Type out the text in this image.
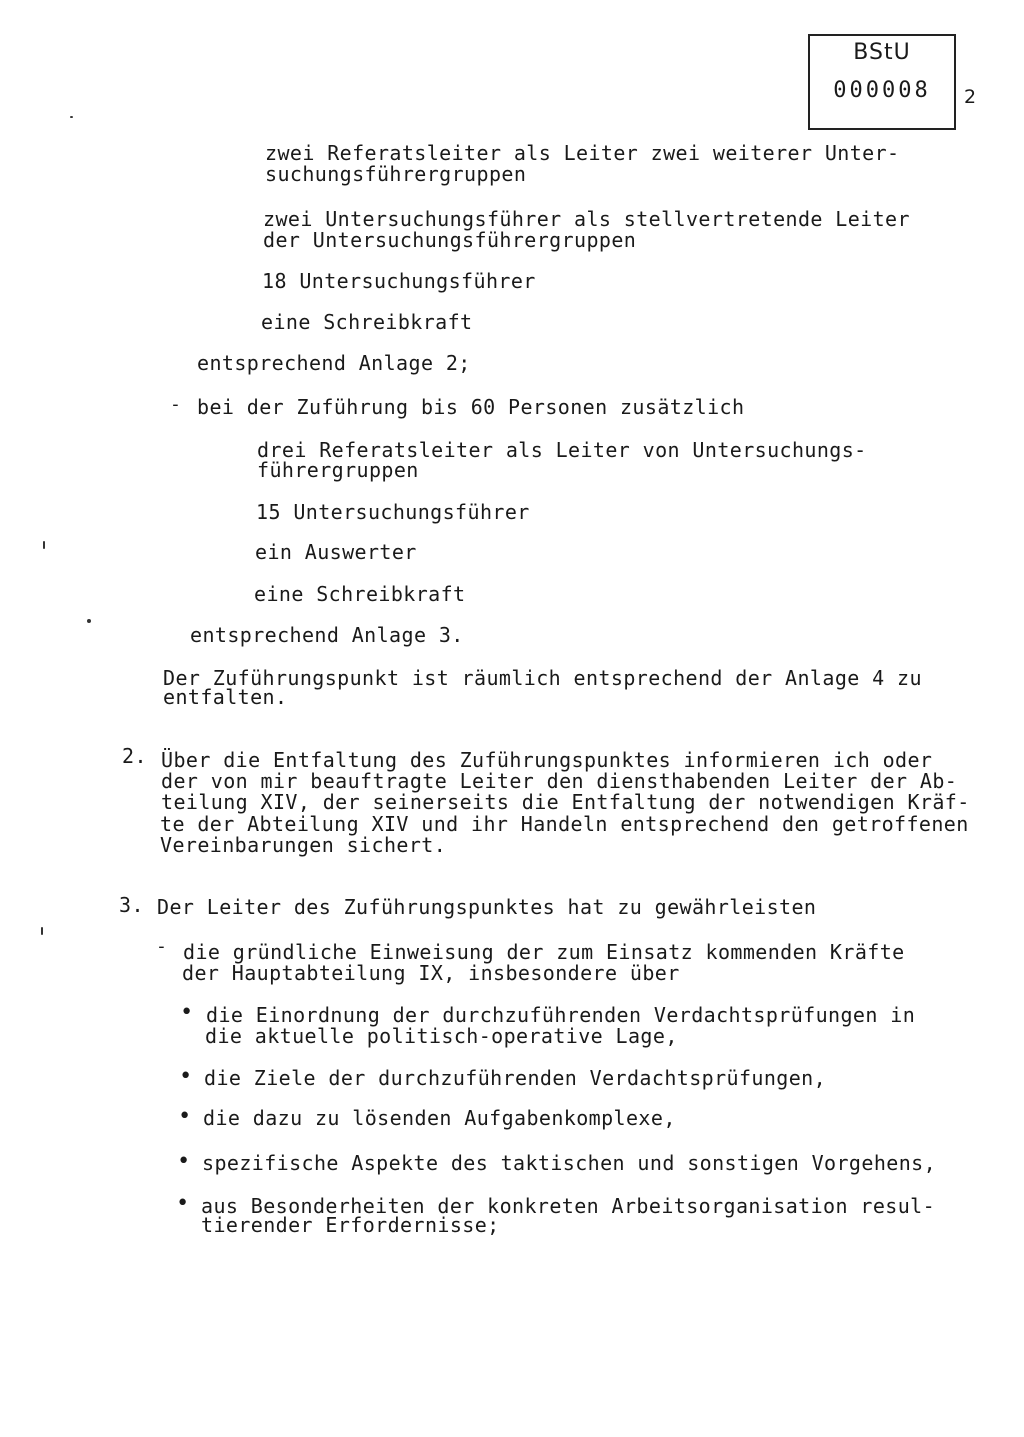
BStU
000008	2
zwei Referatsleiter als Leiter zwei weiterer Unter-
suchungsführergruppen
zwei Untersuchungsführer als stellvertretende Leiter
der Untersuchungsführergruppen
18 Untersuchungsführer
eine Schreibkraft
entsprechend Anlage 2;
- bei der Zuführung bis 60 Personen zusätzlich
drei Referatsleiter als Leiter von Untersuchungs-
führergruppen
15 Untersuchungsführer
ein Auswerter
eine Schreibkraft
entsprechend Anlage 3.
Der Zuführungspunkt ist räumlich entsprechend der Anlage 4 zu
entfalten.
2. Über die Entfaltung des Zuführungspunktes informieren ich oder
der von mir beauftragte Leiter den diensthabenden Leiter der Ab-
teilung XIV, der seinerseits die Entfaltung der notwendigen Kräf-
te der Abteilung XIV und ihr Handeln entsprechend den getroffenen
Vereinbarungen sichert.
3. Der Leiter des Zuführungspunktes hat zu gewährleisten
- die gründliche Einweisung der zum Einsatz kommenden Kräfte
der Hauptabteilung IX, insbesondere über
• die Einordnung der durchzuführenden Verdachtsprüfungen in
die aktuelle politisch-operative Lage,
• die Ziele der durchzuführenden Verdachtsprüfungen,
• die dazu zu lösenden Aufgabenkomplexe,
• spezifische Aspekte des taktischen und sonstigen Vorgehens,
• aus Besonderheiten der konkreten Arbeitsorganisation resul-
tierender Erfordernisse;
